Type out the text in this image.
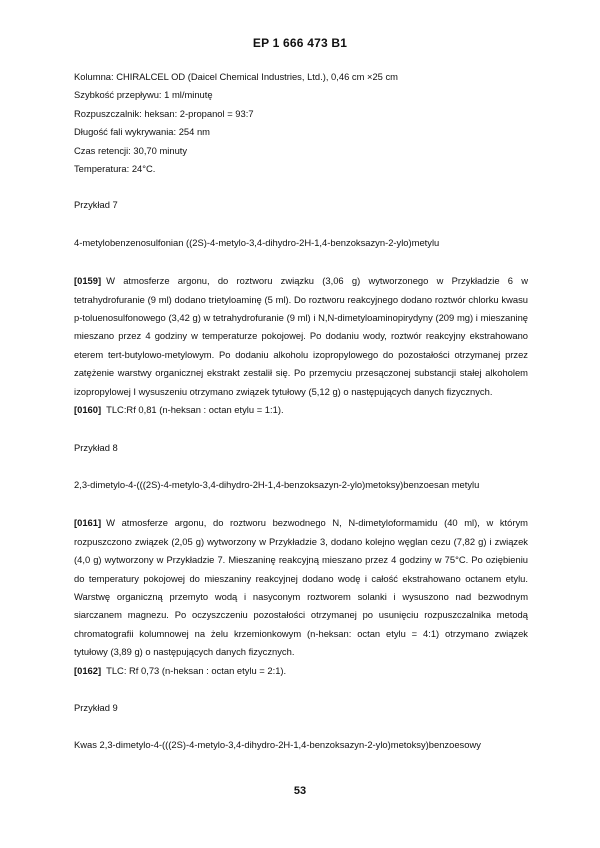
EP 1 666 473 B1

Kolumna: CHIRALCEL OD (Daicel Chemical Industries, Ltd.), 0,46 cm ×25 cm

Szybkość przepływu: 1 ml/minutę

Rozpuszczalnik: heksan: 2-propanol = 93:7

Długość fali wykrywania: 254 nm

Czas retencji: 30,70 minuty

Temperatura: 24°C.

Przykład 7

4-metylobenzenosulfonian ((2S)-4-metylo-3,4-dihydro-2H-1,4-benzoksazyn-2-ylo)metylu

[0159] W atmosferze argonu, do roztworu związku (3,06 g) wytworzonego w Przykładzie 6 w tetrahydrofuranie (9 ml) dodano trietyloaminę (5 ml). Do roztworu reakcyjnego dodano roztwór chlorku kwasu p-toluenosulfonowego (3,42 g) w tetrahydrofuranie (9 ml) i N,N-dimetyloaminopirydyny (209 mg) i mieszaninę mieszano przez 4 godziny w temperaturze pokojowej. Po dodaniu wody, roztwór reakcyjny ekstrahowano eterem tert-butylowo-metylowym. Po dodaniu alkoholu izopropylowego do pozostałości otrzymanej przez zatężenie warstwy organicznej ekstrakt zestalił się. Po przemyciu przesączonej substancji stałej alkoholem izopropylowej I wysuszeniu otrzymano związek tytułowy (5,12 g) o następujących danych fizycznych.

[0160] TLC:Rf 0,81 (n-heksan : octan etylu = 1:1).

Przykład 8

2,3-dimetylo-4-(((2S)-4-metylo-3,4-dihydro-2H-1,4-benzoksazyn-2-ylo)metoksy)benzoesan metylu

[0161] W atmosferze argonu, do roztworu bezwodnego N, N-dimetyloformamidu (40 ml), w którym rozpuszczono związek (2,05 g) wytworzony w Przykładzie 3, dodano kolejno węglan cezu (7,82 g) i związek (4,0 g) wytworzony w Przykładzie 7. Mieszaninę reakcyjną mieszano przez 4 godziny w 75°C. Po oziębieniu do temperatury pokojowej do mieszaniny reakcyjnej dodano wodę i całość ekstrahowano octanem etylu. Warstwę organiczną przemyto wodą i nasyconym roztworem solanki i wysuszono nad bezwodnym siarczanem magnezu. Po oczyszczeniu pozostałości otrzymanej po usunięciu rozpuszczalnika metodą chromatografii kolumnowej na żelu krzemionkowym (n-heksan: octan etylu = 4:1) otrzymano związek tytułowy (3,89 g) o następujących danych fizycznych.

[0162] TLC: Rf 0,73 (n-heksan : octan etylu = 2:1).

Przykład 9

Kwas 2,3-dimetylo-4-(((2S)-4-metylo-3,4-dihydro-2H-1,4-benzoksazyn-2-ylo)metoksy)benzoesowy

53
